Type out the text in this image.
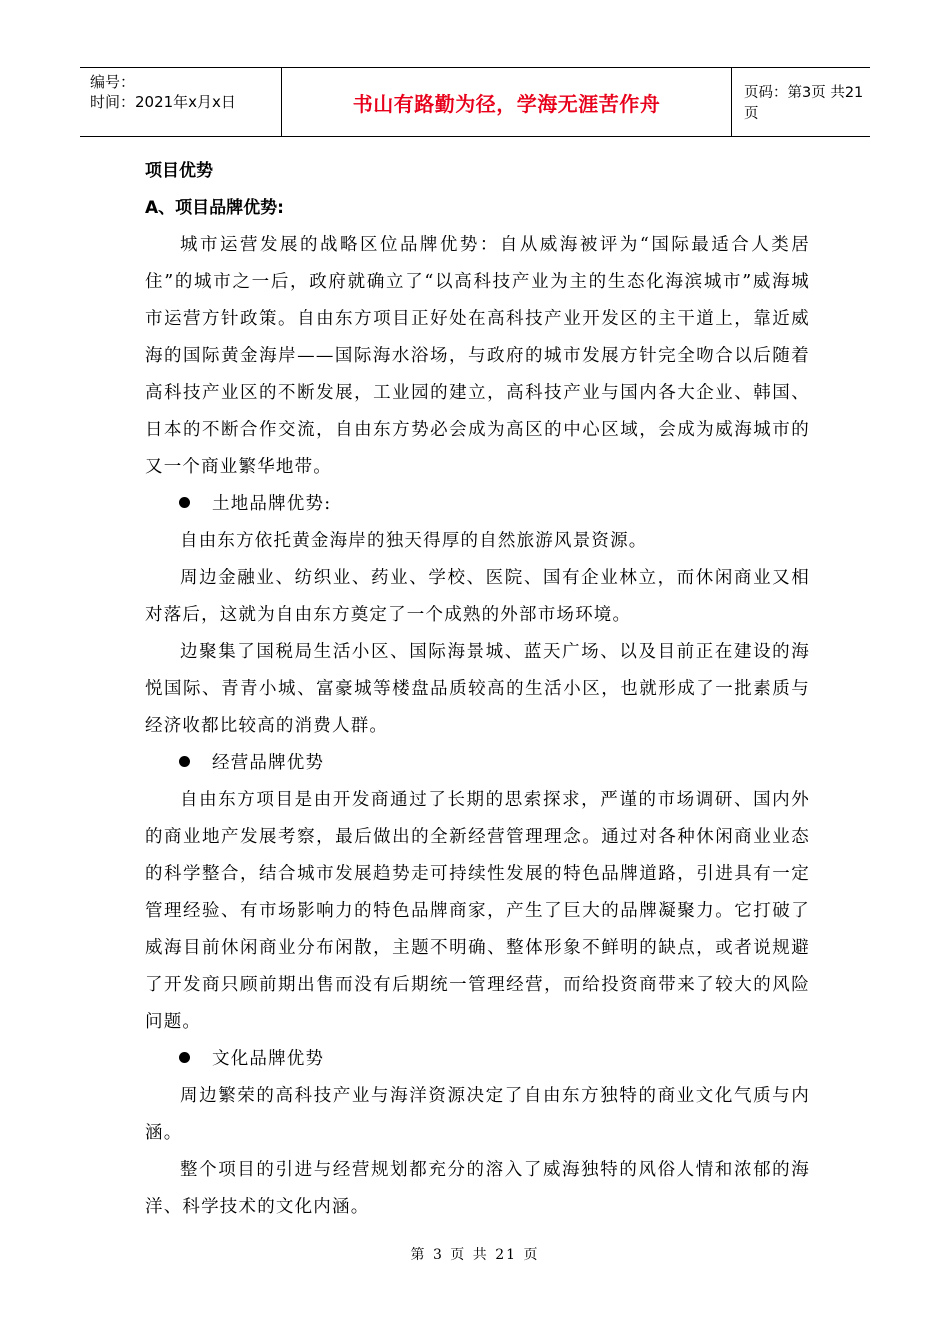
编号：
时间：2021年x月x日	书山有路勤为径，学海无涯苦作舟	页码：第3页 共21页

项目优势

A、项目品牌优势:

城市运营发展的战略区位品牌优势：自从威海被评为“国际最适合人类居住”的城市之一后，政府就确立了“以高科技产业为主的生态化海滨城市”威海城市运营方针政策。自由东方项目正好处在高科技产业开发区的主干道上，靠近威海的国际黄金海岸——国际海水浴场，与政府的城市发展方针完全吻合以后随着高科技产业区的不断发展，工业园的建立，高科技产业与国内各大企业、韩国、日本的不断合作交流，自由东方势必会成为高区的中心区域，会成为威海城市的又一个商业繁华地带。

土地品牌优势:

自由东方依托黄金海岸的独天得厚的自然旅游风景资源。

周边金融业、纺织业、药业、学校、医院、国有企业林立，而休闲商业又相对落后，这就为自由东方奠定了一个成熟的外部市场环境。

边聚集了国税局生活小区、国际海景城、蓝天广场、以及目前正在建设的海悦国际、青青小城、富豪城等楼盘品质较高的生活小区，也就形成了一批素质与经济收都比较高的消费人群。

经营品牌优势

自由东方项目是由开发商通过了长期的思索探求，严谨的市场调研、国内外的商业地产发展考察，最后做出的全新经营管理理念。通过对各种休闲商业业态的科学整合，结合城市发展趋势走可持续性发展的特色品牌道路，引进具有一定管理经验、有市场影响力的特色品牌商家，产生了巨大的品牌凝聚力。它打破了威海目前休闲商业分布闲散，主题不明确、整体形象不鲜明的缺点，或者说规避了开发商只顾前期出售而没有后期统一管理经营，而给投资商带来了较大的风险问题。

文化品牌优势

周边繁荣的高科技产业与海洋资源决定了自由东方独特的商业文化气质与内涵。

整个项目的引进与经营规划都充分的溶入了威海独特的风俗人情和浓郁的海洋、科学技术的文化内涵。

第 3 页 共 21 页
